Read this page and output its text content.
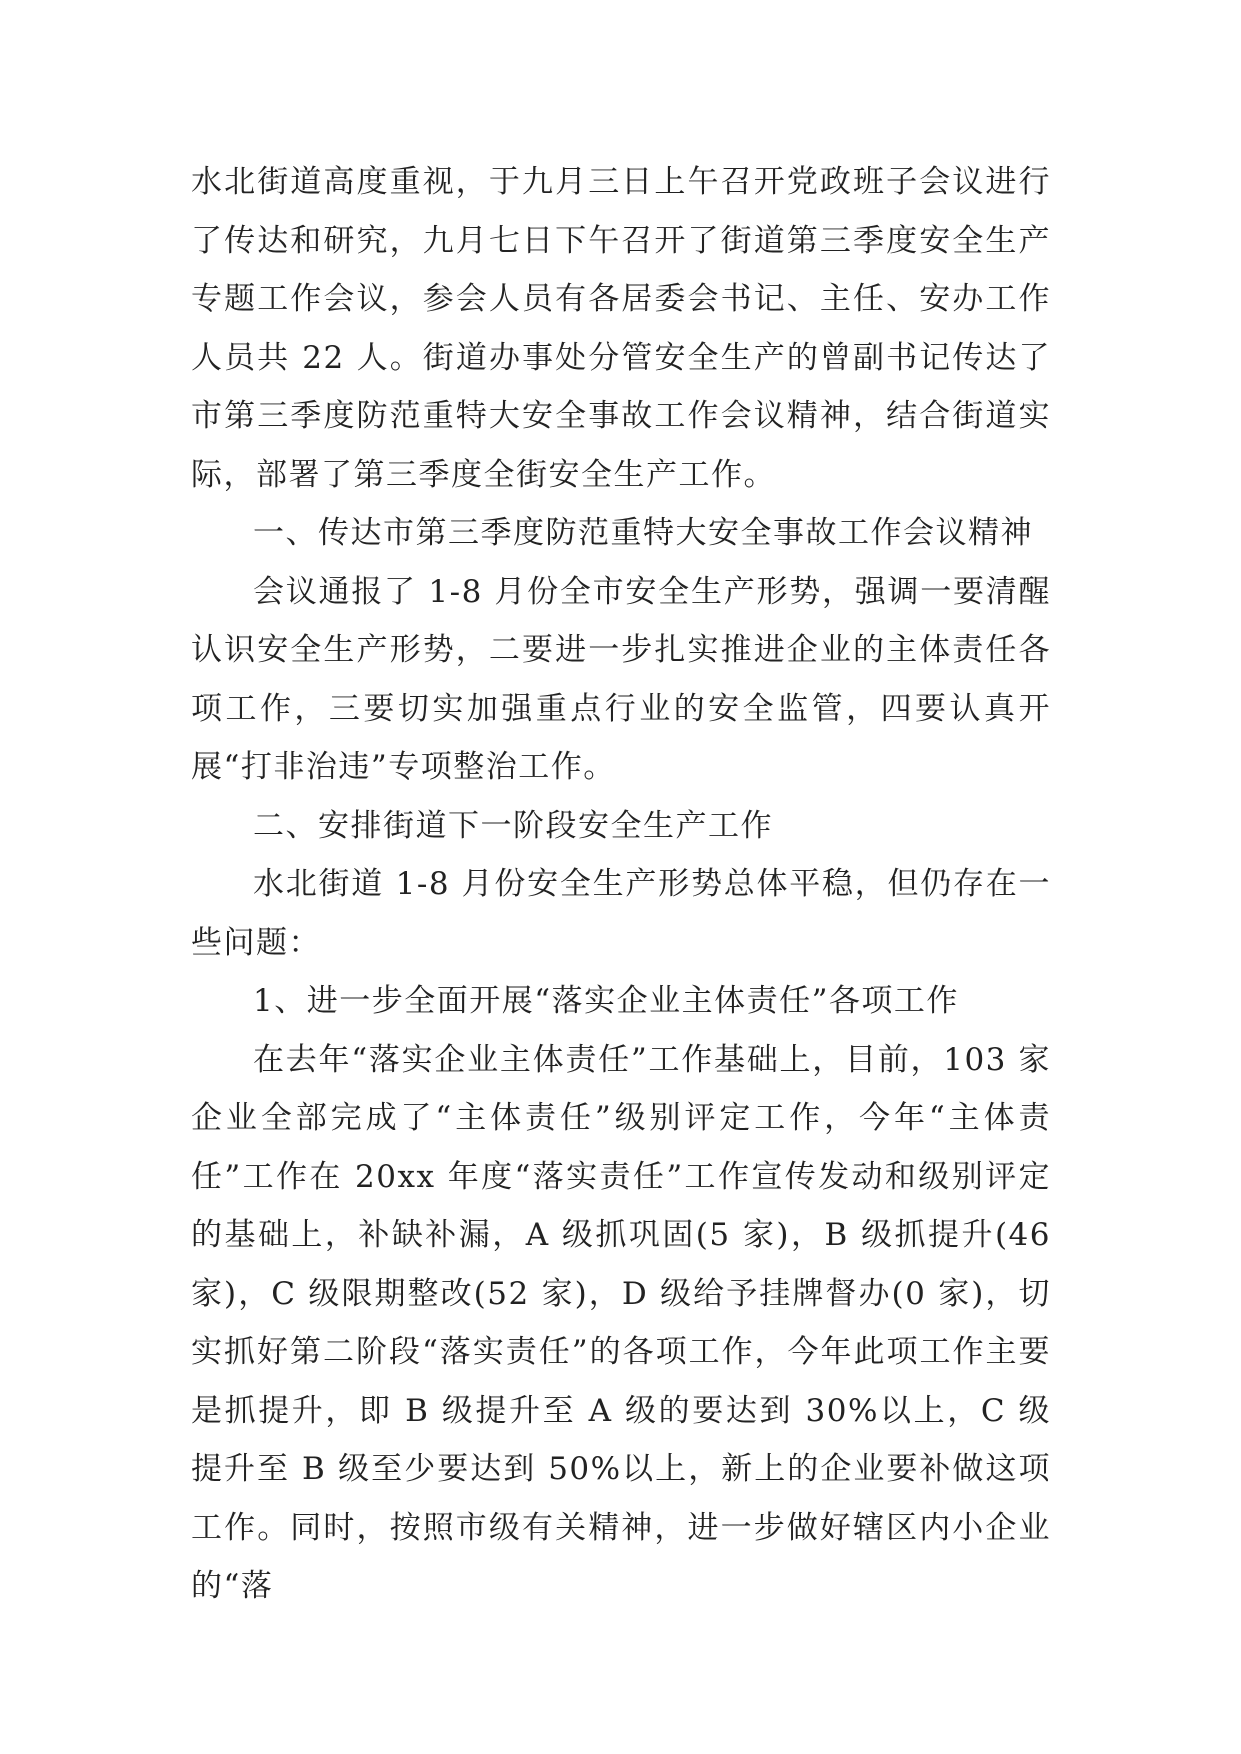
水北街道高度重视，于九月三日上午召开党政班子会议进行了传达和研究，九月七日下午召开了街道第三季度安全生产专题工作会议，参会人员有各居委会书记、主任、安办工作人员共 22 人。街道办事处分管安全生产的曾副书记传达了市第三季度防范重特大安全事故工作会议精神，结合街道实际，部署了第三季度全街安全生产工作。

一、传达市第三季度防范重特大安全事故工作会议精神

会议通报了 1-8 月份全市安全生产形势，强调一要清醒认识安全生产形势，二要进一步扎实推进企业的主体责任各项工作，三要切实加强重点行业的安全监管，四要认真开展“打非治违”专项整治工作。

二、安排街道下一阶段安全生产工作

水北街道 1-8 月份安全生产形势总体平稳，但仍存在一些问题：

1、进一步全面开展“落实企业主体责任”各项工作

在去年“落实企业主体责任”工作基础上，目前，103 家企业全部完成了“主体责任”级别评定工作，今年“主体责任”工作在 20xx 年度“落实责任”工作宣传发动和级别评定的基础上，补缺补漏，A 级抓巩固(5 家)，B 级抓提升(46 家)，C 级限期整改(52 家)，D 级给予挂牌督办(0 家)，切实抓好第二阶段“落实责任”的各项工作，今年此项工作主要是抓提升，即 B 级提升至 A 级的要达到 30%以上，C 级提升至 B 级至少要达到 50%以上，新上的企业要补做这项工作。同时，按照市级有关精神，进一步做好辖区内小企业的“落
